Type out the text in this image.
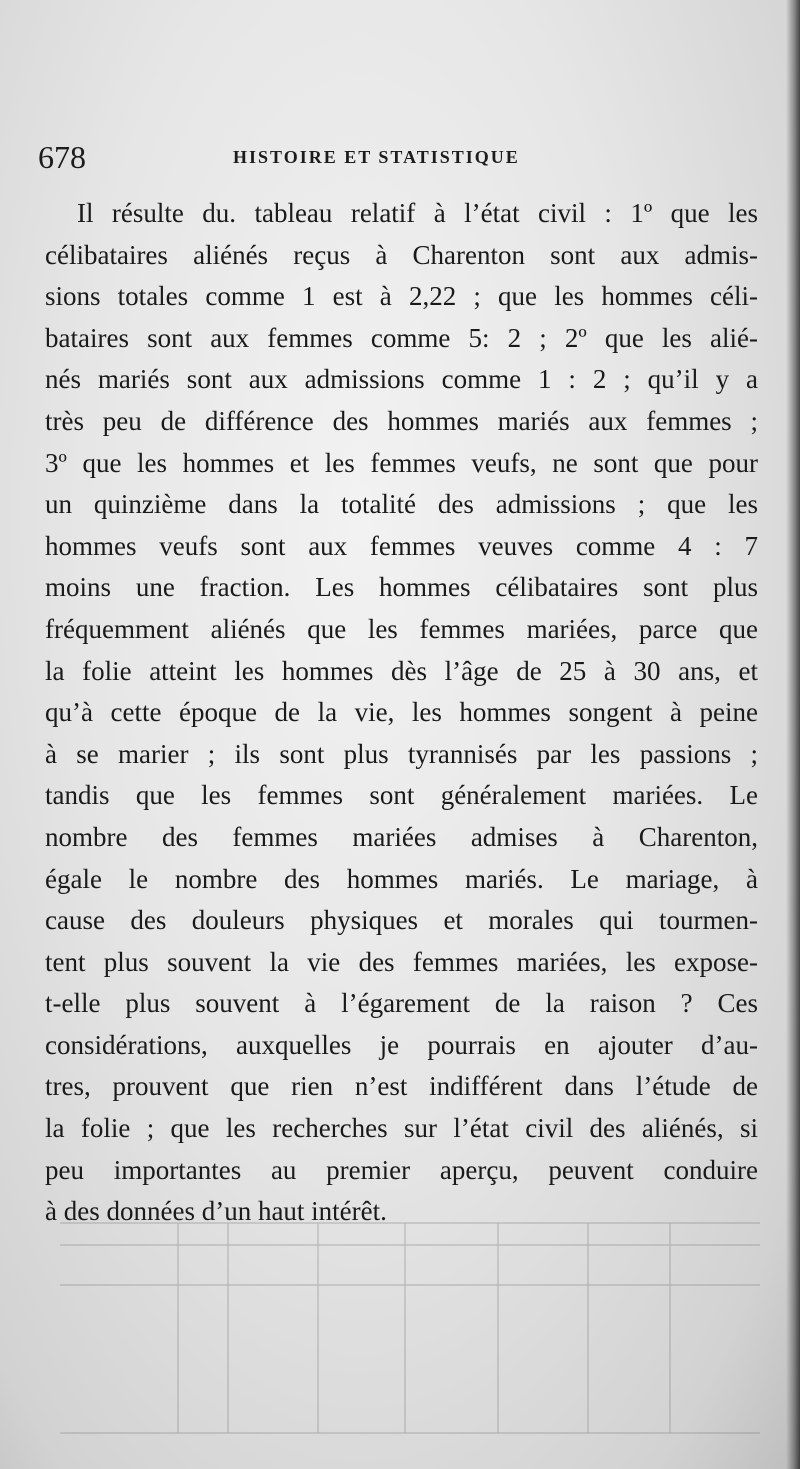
678	HISTOIRE ET STATISTIQUE
Il résulte du. tableau relatif à l’état civil : 1º que les
célibataires aliénés reçus à Charenton sont aux admis-
sions totales comme 1 est à 2,22 ; que les hommes céli-
bataires sont aux femmes comme 5: 2 ; 2º que les alié-
nés mariés sont aux admissions comme 1 : 2 ; qu’il y a
très peu de différence des hommes mariés aux femmes ;
3º que les hommes et les femmes veufs, ne sont que pour
un quinzième dans la totalité des admissions ; que les
hommes veufs sont aux femmes veuves comme 4 : 7
moins une fraction. Les hommes célibataires sont plus
fréquemment aliénés que les femmes mariées, parce que
la folie atteint les hommes dès l’âge de 25 à 30 ans, et
qu’à cette époque de la vie, les hommes songent à peine
à se marier ; ils sont plus tyrannisés par les passions ;
tandis que les femmes sont généralement mariées. Le
nombre des femmes mariées admises à Charenton,
égale le nombre des hommes mariés. Le mariage, à
cause des douleurs physiques et morales qui tourmen-
tent plus souvent la vie des femmes mariées, les expose-
t-elle plus souvent à l’égarement de la raison ? Ces
considérations, auxquelles je pourrais en ajouter d’au-
tres, prouvent que rien n’est indifférent dans l’étude de
la folie ; que les recherches sur l’état civil des aliénés, si
peu importantes au premier aperçu, peuvent conduire
à des données d’un haut intérêt.
